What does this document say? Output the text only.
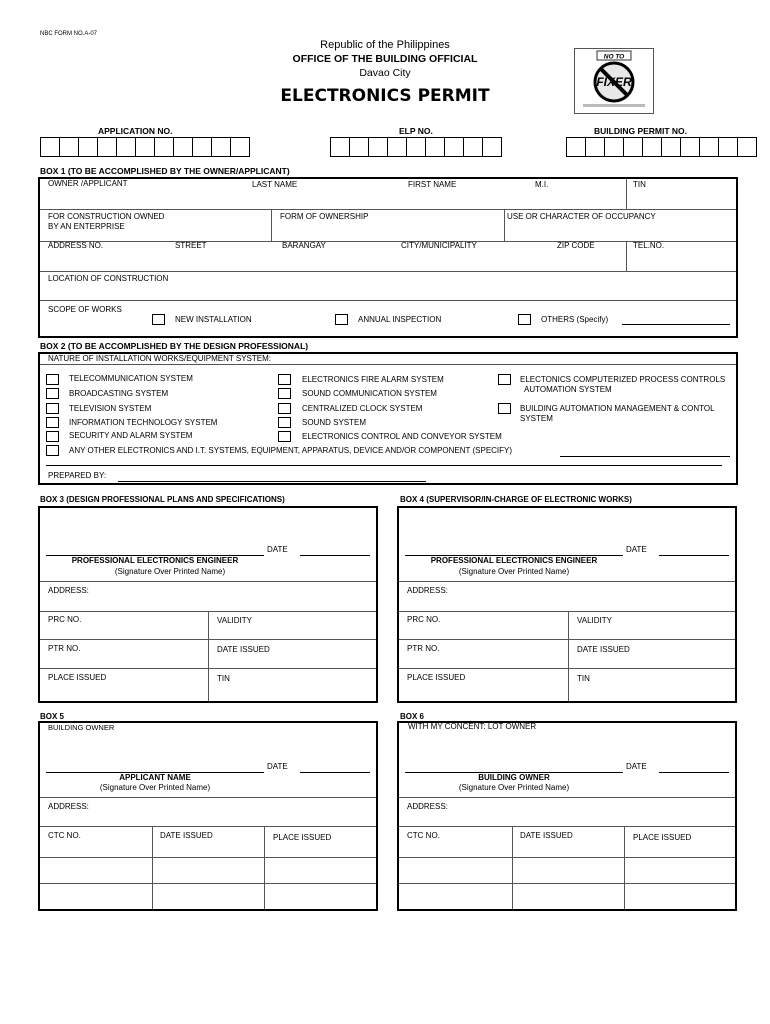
NBC FORM NO.A-07
Republic of the Philippines
OFFICE OF THE BUILDING OFFICIAL
Davao City
ELECTRONICS PERMIT
NO TO
FIXER
APPLICATION NO.	ELP NO.	BUILDING PERMIT NO.
BOX 1 (TO BE ACCOMPLISHED BY THE OWNER/APPLICANT)
OWNER /APPLICANT	LAST NAME	FIRST NAME	M.I.	TIN
FOR CONSTRUCTION OWNED
BY AN ENTERPRISE
FORM OF OWNERSHIP	USE OR CHARACTER OF OCCUPANCY
ADDRESS NO.	STREET	BARANGAY	CITY/MUNICIPALITY	ZIP CODE	TEL.NO.
LOCATION OF CONSTRUCTION
SCOPE OF WORKS
NEW INSTALLATION	ANNUAL INSPECTION	OTHERS (Specify)
BOX 2 (TO BE ACCOMPLISHED BY THE DESIGN PROFESSIONAL)
NATURE OF INSTALLATION WORKS/EQUIPMENT SYSTEM:
TELECOMMUNICATION SYSTEM
BROADCASTING SYSTEM
TELEVISION SYSTEM
INFORMATION TECHNOLOGY SYSTEM
SECURITY AND ALARM SYSTEM
ELECTRONICS FIRE ALARM SYSTEM
SOUND COMMUNICATION SYSTEM
CENTRALIZED CLOCK SYSTEM
SOUND SYSTEM
ELECTRONICS CONTROL AND CONVEYOR SYSTEM
ELECTONICS COMPUTERIZED PROCESS CONTROLS
AUTOMATION SYSTEM
BUILDING AUTOMATION MANAGEMENT & CONTOL
SYSTEM
ANY OTHER ELECTRONICS AND I.T. SYSTEMS, EQUIPMENT, APPARATUS, DEVICE AND/OR COMPONENT (SPECIFY)
PREPARED BY:
BOX 3 (DESIGN PROFESSIONAL PLANS AND SPECIFICATIONS)
DATE
PROFESSIONAL ELECTRONICS ENGINEER
(Signature Over Printed Name)
ADDRESS:
PRC NO.	VALIDITY
PTR NO.	DATE ISSUED
PLACE ISSUED	TIN
BOX 4 (SUPERVISOR/IN-CHARGE OF ELECTRONIC WORKS)
DATE
PROFESSIONAL ELECTRONICS ENGINEER
(Signature Over Printed Name)
ADDRESS:
PRC NO.	VALIDITY
PTR NO.	DATE ISSUED
PLACE ISSUED	TIN
BOX 5
BUILDING OWNER
DATE
APPLICANT NAME
(Signature Over Printed Name)
ADDRESS:
CTC NO.	DATE ISSUED	PLACE ISSUED
BOX 6
WITH MY CONCENT: LOT OWNER
DATE
BUILDING OWNER
(Signature Over Printed Name)
ADDRESS:
CTC NO.	DATE ISSUED	PLACE ISSUED
